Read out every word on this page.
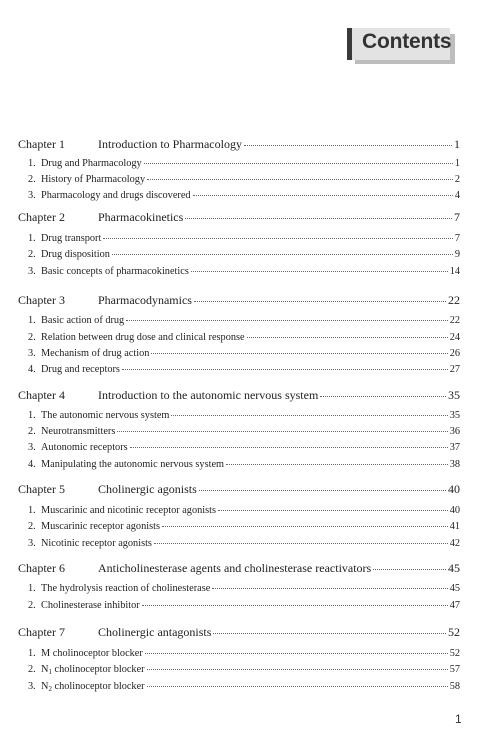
Contents
Chapter 1	Introduction to Pharmacology	1
1. Drug and Pharmacology	1
2. History of Pharmacology	2
3. Pharmacology and drugs discovered	4
Chapter 2	Pharmacokinetics	7
1. Drug transport	7
2. Drug disposition	9
3. Basic concepts of pharmacokinetics	14
Chapter 3	Pharmacodynamics	22
1. Basic action of drug	22
2. Relation between drug dose and clinical response	24
3. Mechanism of drug action	26
4. Drug and receptors	27
Chapter 4	Introduction to the autonomic nervous system	35
1. The autonomic nervous system	35
2. Neurotransmitters	36
3. Autonomic receptors	37
4. Manipulating the autonomic nervous system	38
Chapter 5	Cholinergic agonists	40
1. Muscarinic and nicotinic receptor agonists	40
2. Muscarinic receptor agonists	41
3. Nicotinic receptor agonists	42
Chapter 6	Anticholinesterase agents and cholinesterase reactivators	45
1. The hydrolysis reaction of cholinesterase	45
2. Cholinesterase inhibitor	47
Chapter 7	Cholinergic antagonists	52
1. M cholinoceptor blocker	52
2. N1 cholinoceptor blocker	57
3. N2 cholinoceptor blocker	58
1
